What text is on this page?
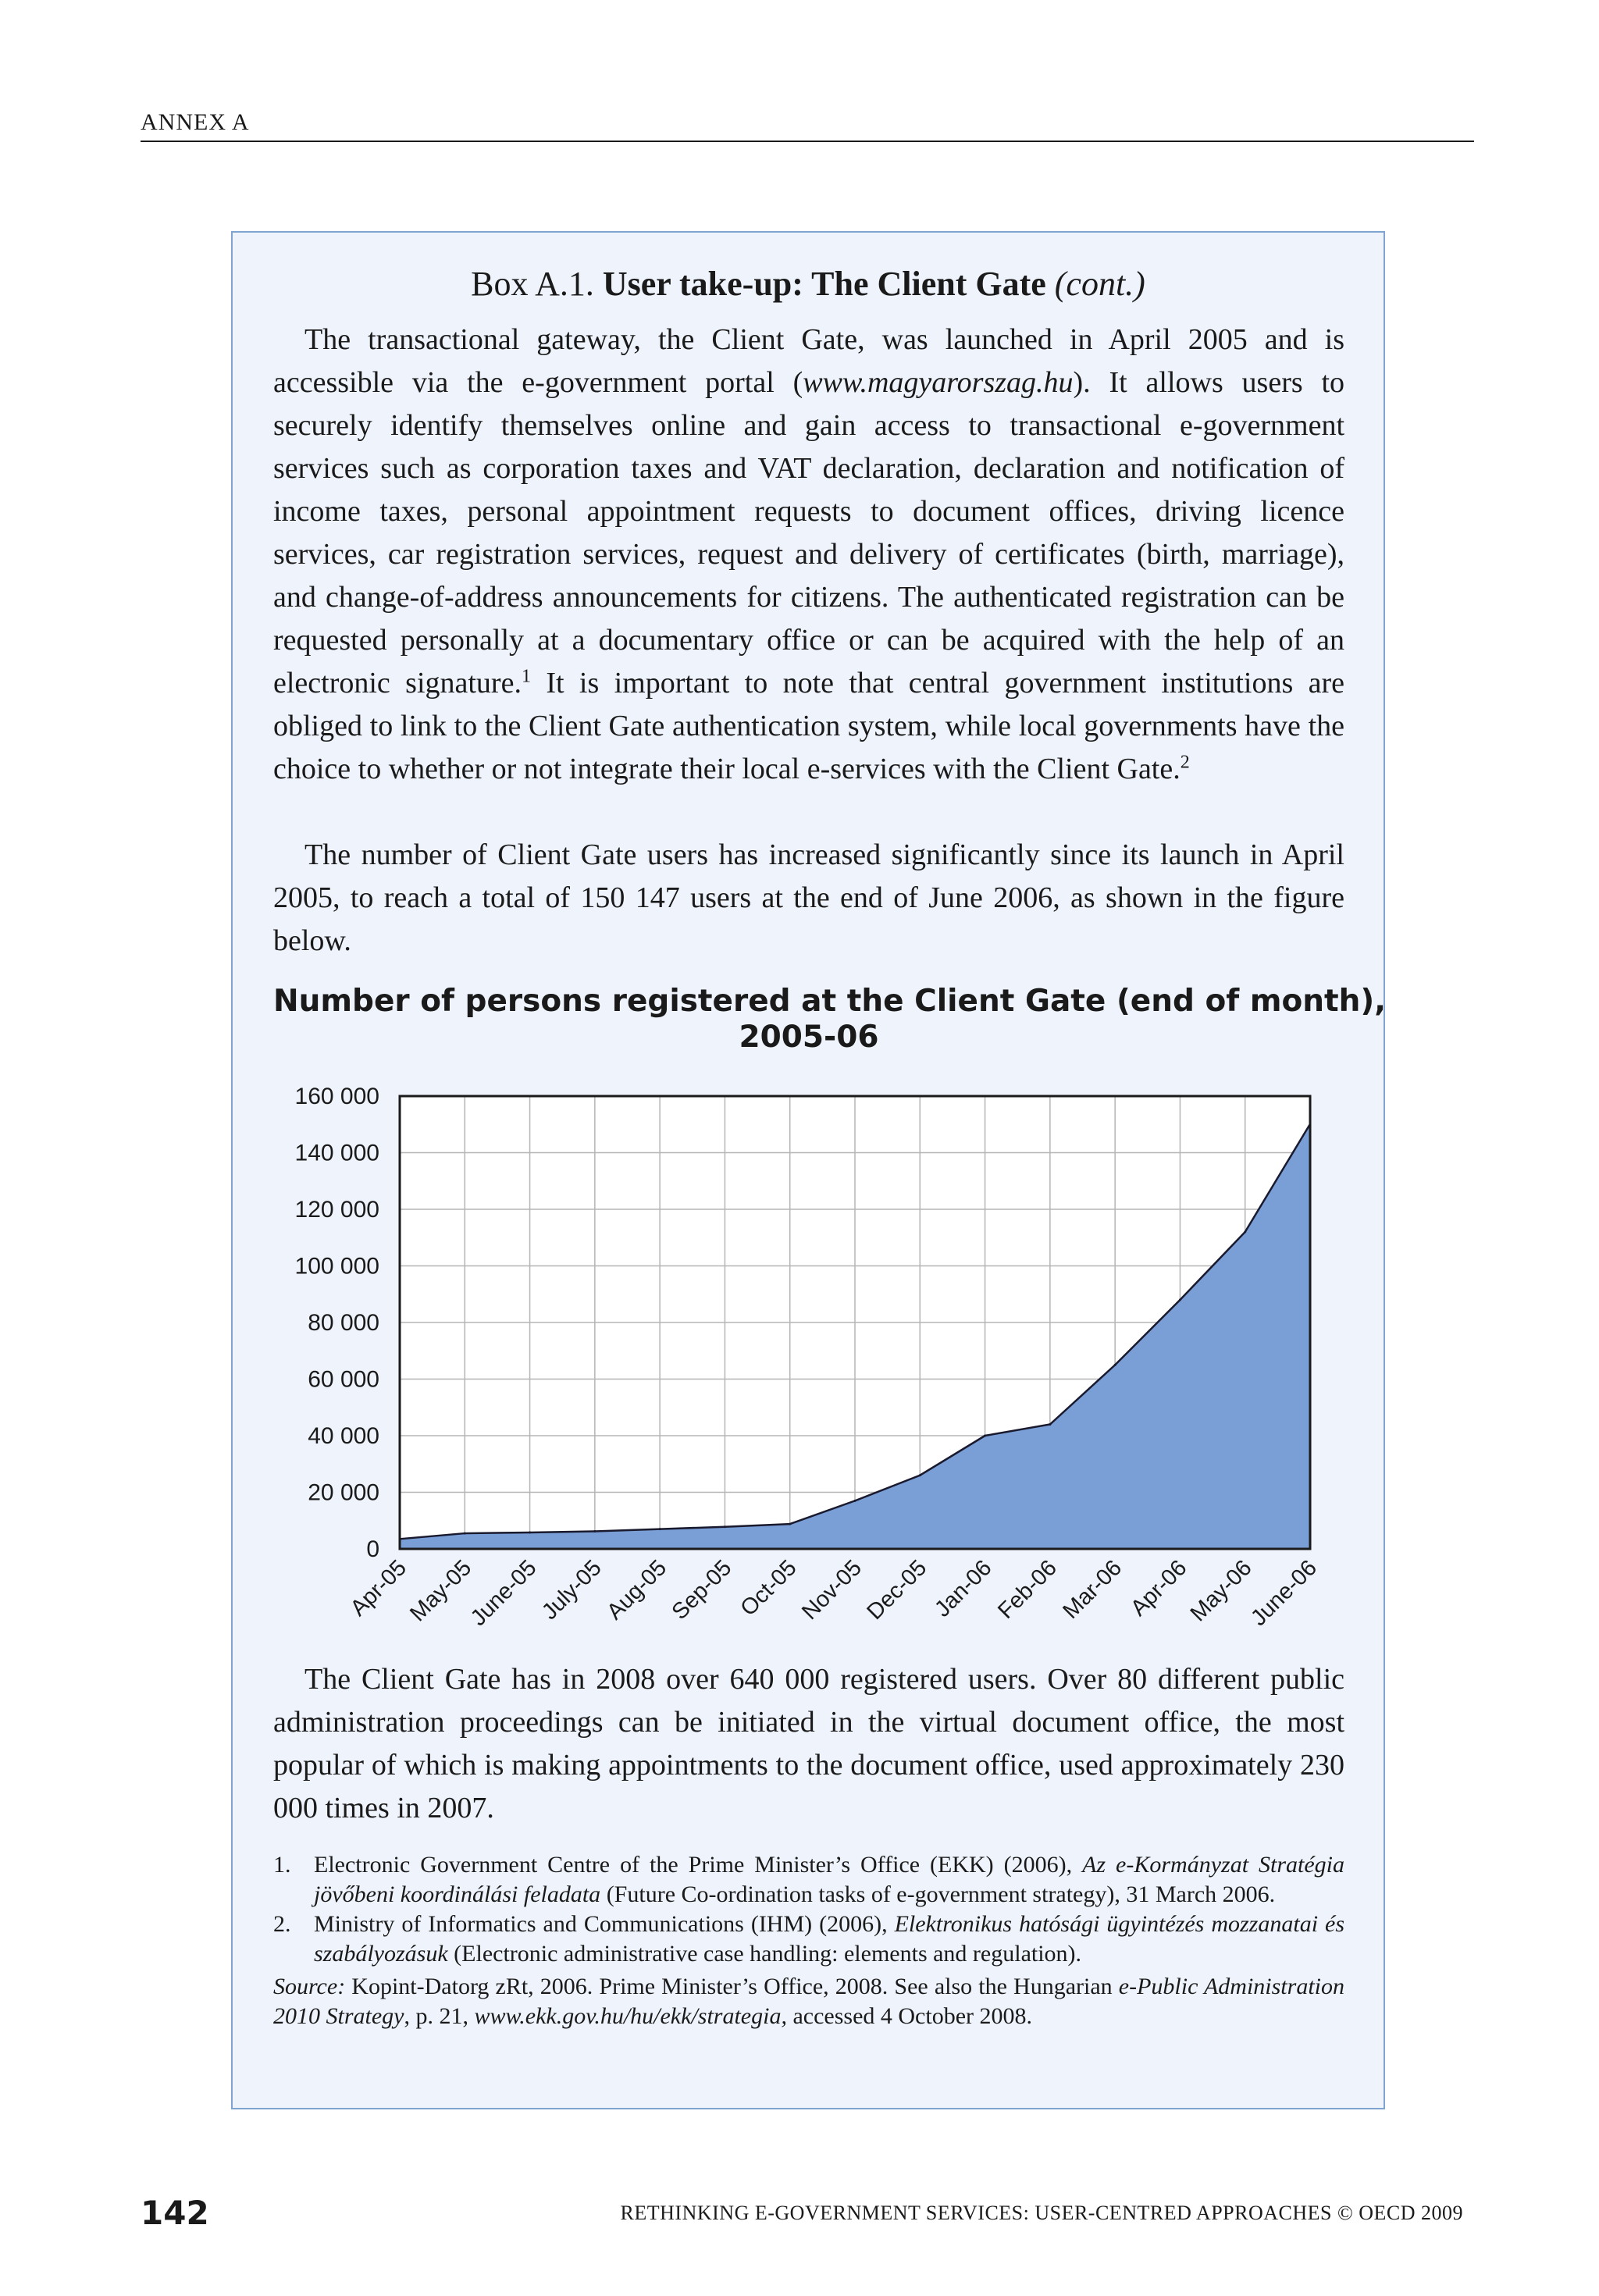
ANNEX A
Box A.1. User take-up: The Client Gate (cont.)

The transactional gateway, the Client Gate, was launched in April 2005 and is accessible via the e-government portal (www.magyarorszag.hu). It allows users to securely identify themselves online and gain access to transactional e-government services such as corporation taxes and VAT declaration, declaration and notification of income taxes, personal appointment requests to document offices, driving licence services, car registration services, request and delivery of certificates (birth, marriage), and change-of-address announcements for citizens. The authenticated registration can be requested personally at a documentary office or can be acquired with the help of an electronic signature.$^1$ It is important to note that central government institutions are obliged to link to the Client Gate authentication system, while local governments have the choice to whether or not integrate their local e-services with the Client Gate.$^2$

The number of Client Gate users has increased significantly since its launch in April 2005, to reach a total of 150 147 users at the end of June 2006, as shown in the figure below.

Number of persons registered at the Client Gate (end of month),
2005-06
0
20 000
40 000
60 000
80 000
100 000
120 000
140 000
160 000
Apr-05
May-05
June-05
July-05
Aug-05
Sep-05 Oct-05
Nov-05
Dec-05
Jan-06
Feb-06
Mar-06 Apr-06
May-06
June-06

The Client Gate has in 2008 over 640 000 registered users. Over 80 different public administration proceedings can be initiated in the virtual document office, the most popular of which is making appointments to the document office, used approximately 230 000 times in 2007.

1. Electronic Government Centre of the Prime Minister’s Office (EKK) (2006), Az e-Kormányzat Stratégia jövőbeni koordinálási feladata (Future Co-ordination tasks of e-government strategy), 31 March 2006.
2. Ministry of Informatics and Communications (IHM) (2006), Elektronikus hatósági ügyintézés mozzanatai és szabályozásuk (Electronic administrative case handling: elements and regulation).
Source: Kopint-Datorg zRt, 2006. Prime Minister’s Office, 2008. See also the Hungarian e-Public Administration 2010 Strategy, p. 21, www.ekk.gov.hu/hu/ekk/strategia, accessed 4 October 2008.
142	RETHINKING E-GOVERNMENT SERVICES: USER-CENTRED APPROACHES © OECD 2009
